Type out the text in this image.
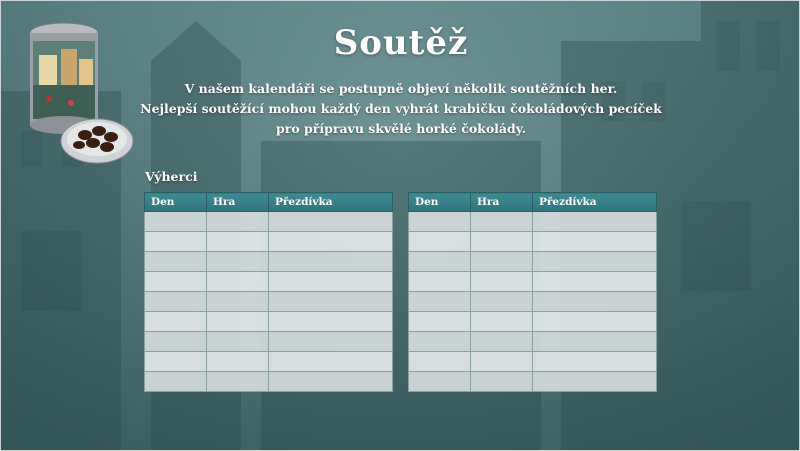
Soutěž
V našem kalendáři se postupně objeví několik soutěžních her.
Nejlepší soutěžící mohou každý den vyhrát krabičku čokoládových pecíček
pro přípravu skvělé horké čokolády.
Výherci
Den	Hra	Přezdívka

			Den	Hra	Přezdívka
